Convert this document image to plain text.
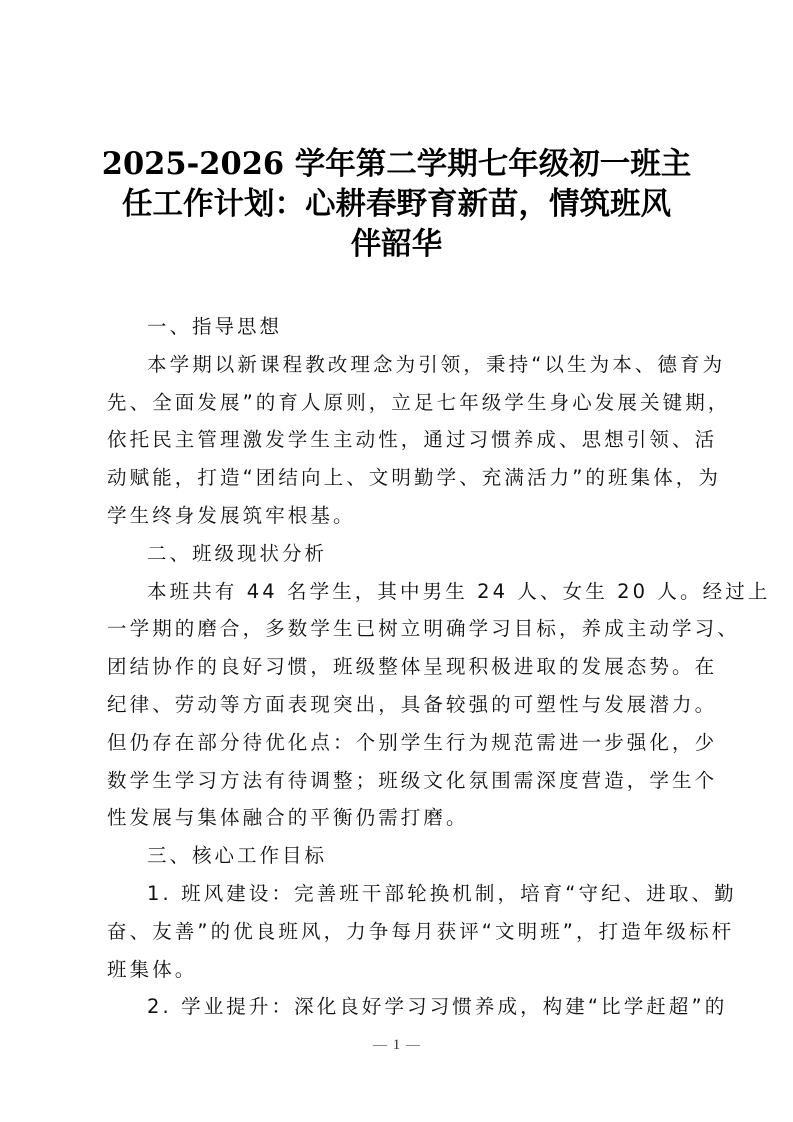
2025-2026 学年第二学期七年级初一班主
任工作计划：心耕春野育新苗，情筑班风
伴韶华
一、指导思想
本学期以新课程教改理念为引领，秉持“以生为本、德育为
先、全面发展”的育人原则，立足七年级学生身心发展关键期，
依托民主管理激发学生主动性，通过习惯养成、思想引领、活
动赋能，打造“团结向上、文明勤学、充满活力”的班集体，为
学生终身发展筑牢根基。
二、班级现状分析
本班共有 44 名学生，其中男生 24 人、女生 20 人。经过上
一学期的磨合，多数学生已树立明确学习目标，养成主动学习、
团结协作的良好习惯，班级整体呈现积极进取的发展态势。在
纪律、劳动等方面表现突出，具备较强的可塑性与发展潜力。
但仍存在部分待优化点：个别学生行为规范需进一步强化，少
数学生学习方法有待调整；班级文化氛围需深度营造，学生个
性发展与集体融合的平衡仍需打磨。
三、核心工作目标
1. 班风建设：完善班干部轮换机制，培育“守纪、进取、勤
奋、友善”的优良班风，力争每月获评“文明班”，打造年级标杆
班集体。
2. 学业提升：深化良好学习习惯养成，构建“比学赶超”的
1
